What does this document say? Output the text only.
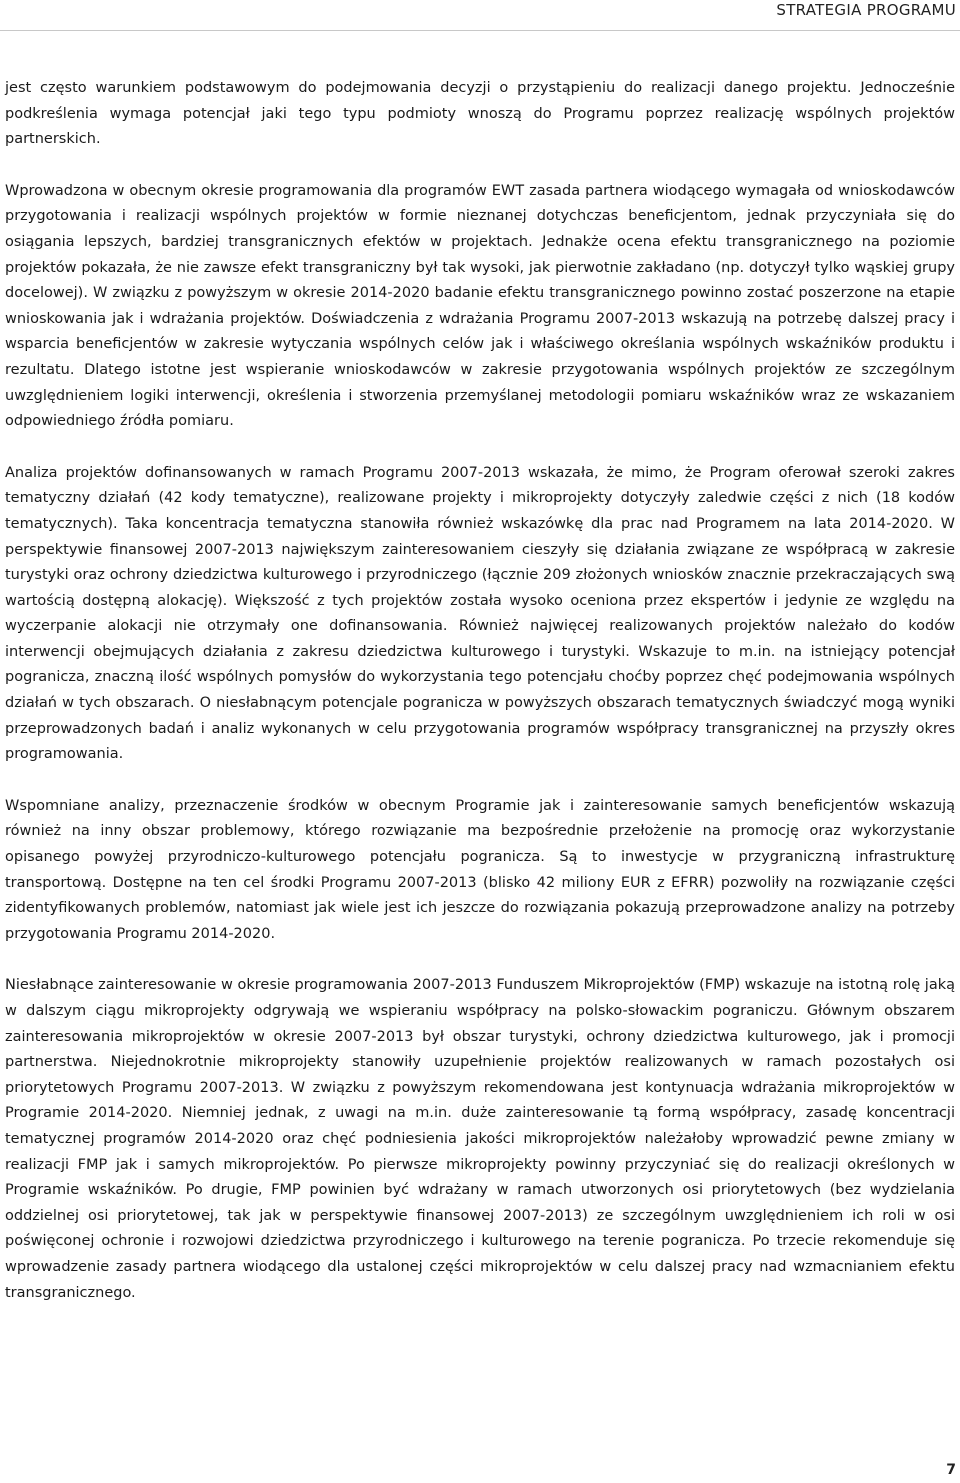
STRATEGIA PROGRAMU

jest często warunkiem podstawowym do podejmowania decyzji o przystąpieniu do realizacji danego projektu. Jednocześnie podkreślenia wymaga potencjał jaki tego typu podmioty wnoszą do Programu poprzez realizację wspólnych projektów partnerskich.

Wprowadzona w obecnym okresie programowania dla programów EWT zasada partnera wiodącego wymagała od wnioskodawców przygotowania i realizacji wspólnych projektów w formie nieznanej dotychczas beneficjentom, jednak przyczyniała się do osiągania lepszych, bardziej transgranicznych efektów w projektach. Jednakże ocena efektu transgranicznego na poziomie projektów pokazała, że nie zawsze efekt transgraniczny był tak wysoki, jak pierwotnie zakładano (np. dotyczył tylko wąskiej grupy docelowej). W związku z powyższym w okresie 2014-2020 badanie efektu transgranicznego powinno zostać poszerzone na etapie wnioskowania jak i wdrażania projektów. Doświadczenia z wdrażania Programu 2007-2013 wskazują na potrzebę dalszej pracy i wsparcia beneficjentów w zakresie wytyczania wspólnych celów jak i właściwego określania wspólnych wskaźników produktu i rezultatu. Dlatego istotne jest wspieranie wnioskodawców w zakresie przygotowania wspólnych projektów ze szczególnym uwzględnieniem logiki interwencji, określenia i stworzenia przemyślanej metodologii pomiaru wskaźników wraz ze wskazaniem odpowiedniego źródła pomiaru.

Analiza projektów dofinansowanych w ramach Programu 2007-2013 wskazała, że mimo, że Program oferował szeroki zakres tematyczny działań (42 kody tematyczne), realizowane projekty i mikroprojekty dotyczyły zaledwie części z nich (18 kodów tematycznych). Taka koncentracja tematyczna stanowiła również wskazówkę dla prac nad Programem na lata 2014-2020. W perspektywie finansowej 2007-2013 największym zainteresowaniem cieszyły się działania związane ze współpracą w zakresie turystyki oraz ochrony dziedzictwa kulturowego i przyrodniczego (łącznie 209 złożonych wniosków znacznie przekraczających swą wartością dostępną alokację). Większość z tych projektów została wysoko oceniona przez ekspertów i jedynie ze względu na wyczerpanie alokacji nie otrzymały one dofinansowania. Również najwięcej realizowanych projektów należało do kodów interwencji obejmujących działania z zakresu dziedzictwa kulturowego i turystyki. Wskazuje to m.in. na istniejący potencjał pogranicza, znaczną ilość wspólnych pomysłów do wykorzystania tego potencjału choćby poprzez chęć podejmowania wspólnych działań w tych obszarach. O niesłabnącym potencjale pogranicza w powyższych obszarach tematycznych świadczyć mogą wyniki przeprowadzonych badań i analiz wykonanych w celu przygotowania programów współpracy transgranicznej na przyszły okres programowania.

Wspomniane analizy, przeznaczenie środków w obecnym Programie jak i zainteresowanie samych beneficjentów wskazują również na inny obszar problemowy, którego rozwiązanie ma bezpośrednie przełożenie na promocję oraz wykorzystanie opisanego powyżej przyrodniczo-kulturowego potencjału pogranicza. Są to inwestycje w przygraniczną infrastrukturę transportową. Dostępne na ten cel środki Programu 2007-2013 (blisko 42 miliony EUR z EFRR) pozwoliły na rozwiązanie części zidentyfikowanych problemów, natomiast jak wiele jest ich jeszcze do rozwiązania pokazują przeprowadzone analizy na potrzeby przygotowania Programu 2014-2020.

Niesłabnące zainteresowanie w okresie programowania 2007-2013 Funduszem Mikroprojektów (FMP) wskazuje na istotną rolę jaką w dalszym ciągu mikroprojekty odgrywają we wspieraniu współpracy na polsko-słowackim pograniczu. Głównym obszarem zainteresowania mikroprojektów w okresie 2007-2013 był obszar turystyki, ochrony dziedzictwa kulturowego, jak i promocji partnerstwa. Niejednokrotnie mikroprojekty stanowiły uzupełnienie projektów realizowanych w ramach pozostałych osi priorytetowych Programu 2007-2013. W związku z powyższym rekomendowana jest kontynuacja wdrażania mikroprojektów w Programie 2014-2020. Niemniej jednak, z uwagi na m.in. duże zainteresowanie tą formą współpracy, zasadę koncentracji tematycznej programów 2014-2020 oraz chęć podniesienia jakości mikroprojektów należałoby wprowadzić pewne zmiany w realizacji FMP jak i samych mikroprojektów. Po pierwsze mikroprojekty powinny przyczyniać się do realizacji określonych w Programie wskaźników. Po drugie, FMP powinien być wdrażany w ramach utworzonych osi priorytetowych (bez wydzielania oddzielnej osi priorytetowej, tak jak w perspektywie finansowej 2007-2013) ze szczególnym uwzględnieniem ich roli w osi poświęconej ochronie i rozwojowi dziedzictwa przyrodniczego i kulturowego na terenie pogranicza. Po trzecie rekomenduje się wprowadzenie zasady partnera wiodącego dla ustalonej części mikroprojektów w celu dalszej pracy nad wzmacnianiem efektu transgranicznego.

7
